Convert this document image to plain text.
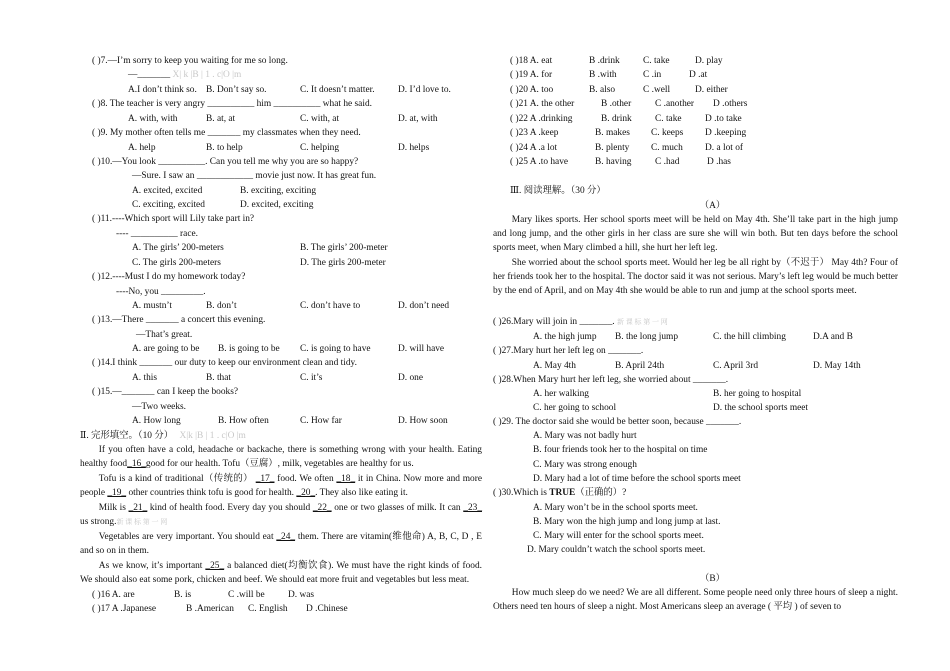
( )7.—I’m sorry to keep you waiting for me so long.
—_______ X| k |B | 1 . c|O |m
A.I don’t think so. B. Don’t say so.	C. It doesn’t matter. D. I’d love to.
( )8. The teacher is very angry __________ him __________ what he said.
A. with, with	B. at, at	C. with, at	D. at, with
( )9. My mother often tells me _______ my classmates when they need.
A. help	B. to help	C. helping	D. helps
( )10.—You look __________. Can you tell me why you are so happy?
—Sure. I saw an ____________ movie just now. It has great fun.
A. excited, excited	B. exciting, exciting
C. exciting, excited	D. excited, exciting
( )11.----Which sport will Lily take part in?
---- __________ race.
A. The girls’ 200-meters	B. The girls’ 200-meter
C. The girls 200-meters	D. The girls 200-meter
( )12.----Must I do my homework today?
----No, you _________.
A. mustn’t	B. don’t	C. don’t have to	D. don’t need
( )13.—There _______ a concert this evening.
—That’s great.
A. are going to be B. is going to be C. is going to have	D. will have
( )14.I think _______ our duty to keep our environment clean and tidy.
A. this	B. that	C. it’s	D. one
( )15.—_______ can I keep the books?
—Two weeks.
A. How long	B. How often	C. How far	D. How soon
Ⅱ. 完形填空。（10 分） X|k |B | 1 . c|O |m
If you often have a cold, headache or backache, there is something wrong with your health. Eating healthy food_16_good for our health. Tofu（豆腐）, milk, vegetables are healthy for us.
Tofu is a kind of traditional（传统的） _17_ food. We often _18_ it in China. Now more and more people _19_ other countries think tofu is good for health. _20_. They also like eating it.
Milk is _21_ kind of health food. Every day you should _22_ one or two glasses of milk. It can _23_ us strong.新 课 标 第 一 网
Vegetables are very important. You should eat _24_ them. There are vitamin(维他命) A, B, C, D , E and so on in them.
As we know, it’s important _25_ a balanced diet(均衡饮食). We must have the right kinds of food. We should also eat some pork, chicken and beef. We should eat more fruit and vegetables but less meat.
( )16 A. are	B. is	C .will be D. was
( )17 A .Japanese	B .American C. English D .Chinese
( )18 A. eat	B .drink C. take	D. play
( )19 A. for	B .with	C .in	D .at
( )20 A. too	B. also	C .well	D. either
( )21 A. the other	B .other	C .another D .others
( )22 A .drinking	B. drink C. take D .to take
( )23 A .keep	B. makes C. keeps D .keeping
( )24 A .a lot	B. plenty C. much D. a lot of
( )25 A .to have	B. having	C .had	D .has
Ⅲ. 阅读理解。（30 分）
（A）
Mary likes sports. Her school sports meet will be held on May 4th. She’ll take part in the high jump and long jump, and the other girls in her class are sure she will win both. But ten days before the school sports meet, when Mary climbed a hill, she hurt her left leg.
She worried about the school sports meet. Would her leg be all right by（不迟于） May 4th? Four of her friends took her to the hospital. The doctor said it was not serious. Mary’s left leg would be much better by the end of April, and on May 4th she would be able to run and jump at the school sports meet.
( )26.Mary will join in _______. 新 课 标 第 一 网
A. the high jump B. the long jump	C. the hill climbing	D.A and B
( )27.Mary hurt her left leg on _______.
A. May 4th	B. April 24th	C. April 3rd	D. May 14th
( )28.When Mary hurt her left leg, she worried about _______.
A. her walking	B. her going to hospital
C. her going to school	D. the school sports meet
( )29. The doctor said she would be better soon, because _______.
A. Mary was not badly hurt
B. four friends took her to the hospital on time
C. Mary was strong enough
D. Mary had a lot of time before the school sports meet
( )30.Which is TRUE（正确的）?
A. Mary won’t be in the school sports meet.
B. Mary won the high jump and long jump at last.
C. Mary will enter for the school sports meet.
D. Mary couldn’t watch the school sports meet.
（B）
How much sleep do we need? We are all different. Some people need only three hours of sleep a night. Others need ten hours of sleep a night. Most Americans sleep an average ( 平均 ) of seven to
